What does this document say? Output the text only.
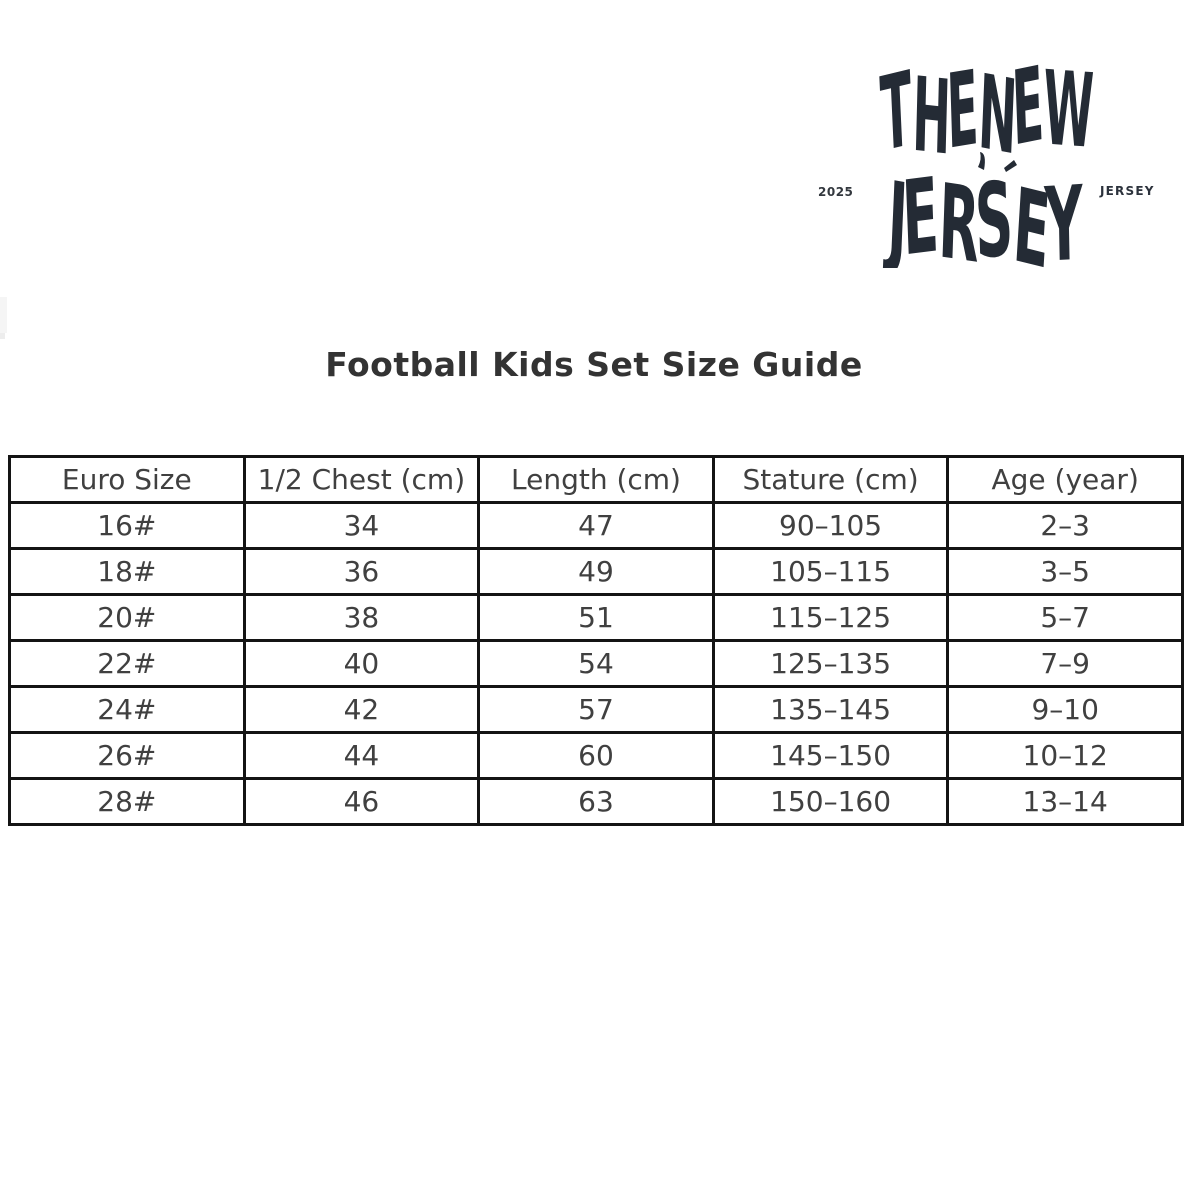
THENEW
JERSEY
2025	JERSEY
Football Kids Set Size Guide
Euro Size	1/2 Chest (cm)	Length (cm)	Stature (cm)	Age (year)
16#	34	47	90–105	2–3
18#	36	49	105–115	3–5
20#	38	51	115–125	5–7
22#	40	54	125–135	7–9
24#	42	57	135–145	9–10
26#	44	60	145–150	10–12
28#	46	63	150–160	13–14
